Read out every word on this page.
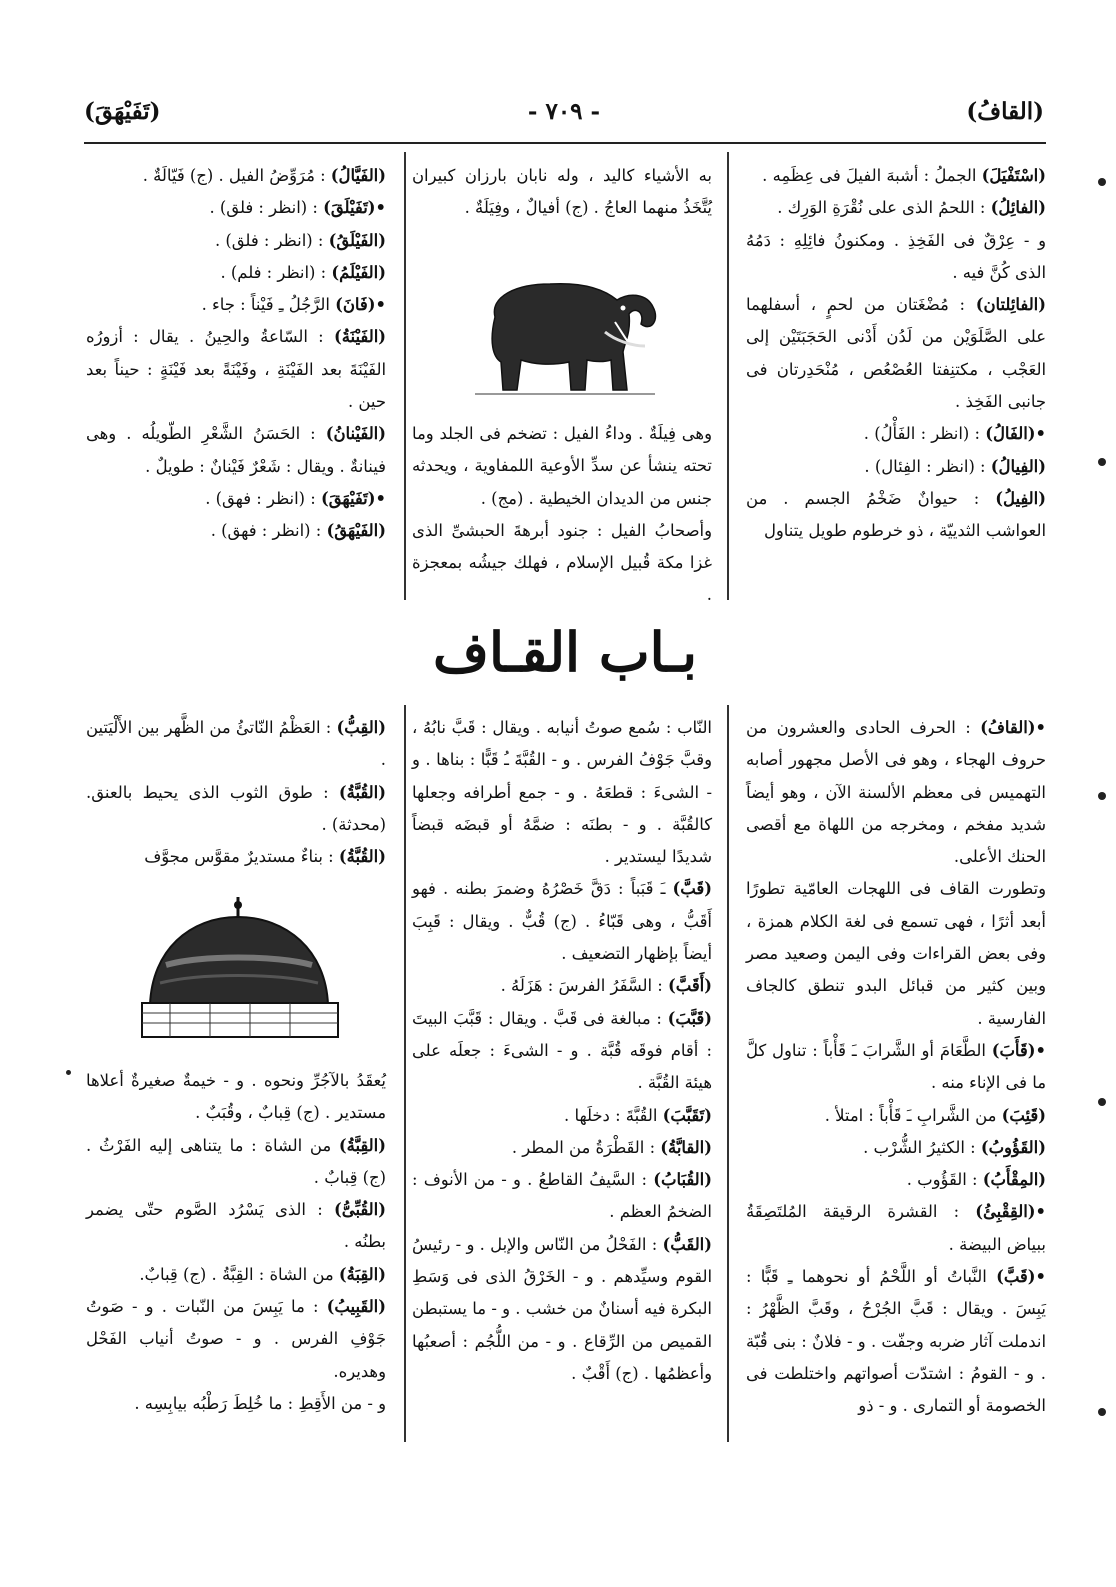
(القافُ)
- ٧٠٩ -
(تَفَيْهَقَ)

(اسْتَفْيَلَ) الجملُ : أشبهَ الفيلَ فى عِظَمِه .

(الفائِلُ) : اللحمُ الذى على نُقْرَةِ الوَرِك .

و - عِرْقٌ فى الفَخِذِ . ومكنونُ فائِلِهِ : دَمُهُ الذى كُنَّ فيه .

(الفائِلتان) : مُضْغَتان من لحمٍ ، أسفلهما على الصَّلَوَيْن من لَدُن أَدْنى الحَجَبَتَيْن إلى العَجْب ، مكتنِفتا العُصْعُص ، مُنْحَدِرتان فى جانبى الفَخِذ .

• (الفَالُ) : (انظر : الفَأْلُ) .

(الفِيالُ) : (انظر : الفِئال) .

(الفِيلُ) : حيوانٌ ضَخْمُ الجسم . من العواشب الثدييّة ، ذو خرطوم طويل يتناول

به الأشياء كاليد ، وله نابان بارزان كبيران يُتَّخَذُ منهما العاجُ . (ج) أفيالٌ ، وفِيَلَةٌ .

وهى فِيلَةٌ . وداءُ الفيل : تضخم فى الجلد وما تحته ينشأ عن سدِّ الأوعية اللمفاوية ، ويحدثه جنس من الديدان الخيطية . (مج) .

وأصحابُ الفيل : جنود أبرهةَ الحبشىِّ الذى غزا مكة قُبيل الإسلام ، فهلك جيشُه بمعجزة .

(الفَيَّالُ) : مُرَوِّضُ الفيل . (ج) فَيّالَةٌ .

• (تَفَيْلَقَ) : (انظر : فلق) .

(الفَيْلَقُ) : (انظر : فلق) .

(الفَيْلَمُ) : (انظر : فلم) .

• (فَانَ) الرَّجُلُ ـِ فَيْناً : جاء .

(الفَيْنَةُ) : السّاعةُ والحِينُ . يقال : أزورُه الفَيْنَةَ بعد الفَيْنَةِ ، وفَيْنَةً بعد فَيْنَةٍ : حيناً بعد حين .

(الفَيْنانُ) : الحَسَنُ الشَّعْرِ الطّويلُه . وهى فينانةٌ . ويقال : شَعْرٌ فَيْنانٌ : طويلٌ .

• (تَفَيْهَقَ) : (انظر : فهق) .

(الفَيْهَقُ) : (انظر : فهق) .

بـاب القـاف

• (القافُ) : الحرف الحادى والعشرون من حروف الهجاء ، وهو فى الأصل مجهور أصابه التهميس فى معظم الألسنة الآن ، وهو أيضاً شديد مفخم ، ومخرجه من اللهاة مع أقصى الحنك الأعلى.

وتطورت القاف فى اللهجات العامّية تطورًا أبعد أثرًا ، فهى تسمع فى لغة الكلام همزة ، وفى بعض القراءات وفى اليمن وصعيد مصر وبين كثير من قبائل البدو تنطق كالجاف الفارسية .

• (قَأَبَ) الطَّعَامَ أو الشَّرابَ ـَ قَأْباً : تناول كلَّ ما فى الإناء منه .

(قَئِبَ) من الشَّرابِ ـَ قَأْباً : امتلأ .

(القَؤُوبُ) : الكثيرُ الشُّرْب .

(المِقْأَبُ) : القَؤُوب .

• (القِقْبِئُ) : القشرة الرقيقة المُلتَصِقَةُ ببياض البيضة .

• (قَبَّ) النَّباتُ أو اللَّحْمُ أو نحوهما ـِ قَبًّا : يَبِسَ . ويقال : قَبَّ الجُرْحُ ، وقَبَّ الظَّهْرُ : اندملت آثار ضربه وجفّت . و - فلانٌ : بنى قُبّة . و - القومُ : اشتدّت أصواتهم واختلطت فى الخصومة أو التمارى . و - ذو

النّاب : سُمع صوتُ أنيابه . ويقال : قَبَّ نابُهُ ، وقبَّ جَوْفُ الفرس . و - القُبَّةَ ـُ قَبًّا : بناها . و - الشىءَ : قطعَهُ . و - جمع أطرافه وجعلها كالقُبَّة . و - بطنَه : ضمَّهُ أو قبضَه قبضاً شديدًا ليستدير .

(قَبَّ) ـَ قَبَباً : دَقَّ خَصْرُهُ وضمرَ بطنه . فهو أَقَبُّ ، وهى قَبّاءُ . (ج) قُبٌّ . ويقال : قَبِبَ أيضاً بإظهار التضعيف .

(أَقَبَّ) : السَّفَرُ الفرسَ : هَزَلَهُ .

(قَبَّبَ) : مبالغة فى قَبَّ . ويقال : قَبَّبَ البيتَ : أقام فوقَه قُبَّة . و - الشىءَ : جعلَه على هيئة القُبَّة .

(تَقَبَّبَ) القُبَّةَ : دخلَها .

(القابَّةُ) : القَطْرَةُ من المطر .

(القُبَابُ) : السَّيفُ القاطعُ . و - من الأنوف : الضخمُ العظم .

(القَبُّ) : الفَحْلُ من النّاس والإبل . و - رئيسُ القوم وسيِّدهم . و - الخَرْقُ الذى فى وَسَطِ البكرة فيه أسنانٌ من خشب . و - ما يستبطن القميص من الرِّقاع . و - من اللُّجُم : أصعبُها وأعظمُها . (ج) أَقْبٌ .

(القِبُّ) : العَظْمُ النّاتئُ من الظَّهر بين الأَلْيَتين .

(القُبَّةُ) : طوق الثوب الذى يحيط بالعنق. (محدثة) .

(القُبَّةُ) : بناءٌ مستديرٌ مقوَّس مجوَّف

يُعقَدُ بالآجُرِّ ونحوه . و - خيمةٌ صغيرةٌ أعلاها مستدير . (ج) قِبابٌ ، وقُبَبٌ .

(القِبَّةُ) من الشاة : ما يتناهى إليه الفَرْثُ . (ج) قِبابٌ .

(القُبِّىُّ) : الذى يَسْرُد الصَّوم حتّى يضمر بطنُه .

(القِبَةُ) من الشاة : القِبَّةُ . (ج) قِبابٌ.

(القَبِيبُ) : ما يَبِسَ من النّبات . و - صَوتُ جَوْفِ الفرس . و - صوتُ أنياب الفَحْل وهديره.

و - من الأَقِطِ : ما خُلِطَ رَطْبُه بيابِسِه .
